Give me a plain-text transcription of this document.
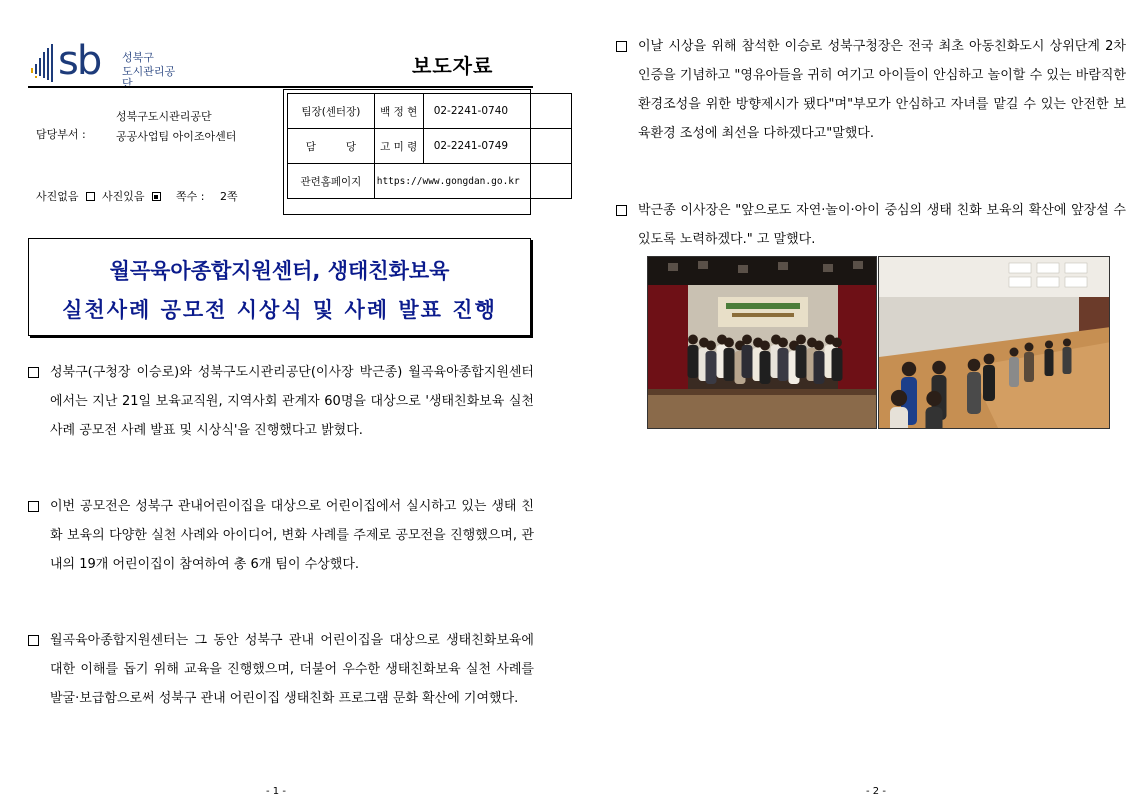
sb 성북구
도시관리공단
보도자료
담당부서 :
성북구도시관리공단
공공사업팀 아이조아센터
사진없음 사진있음	쪽수 : 2쪽
팀장(센터장)	백 정 현	02-2241-0740
담         당	고 미 령	02-2241-0749
관련홈페이지	https://www.gongdan.go.kr	
월곡육아종합지원센터, 생태친화보육
실천사례 공모전 시상식 및 사례 발표 진행
성북구(구청장 이승로)와 성북구도시관리공단(이사장 박근종) 월곡육아종합지원센터에서는 지난 21일 보육교직원, 지역사회 관계자 60명을 대상으로 '생태친화보육 실천사례 공모전 사례 발표 및 시상식'을 진행했다고 밝혔다.
이번 공모전은 성북구 관내어린이집을 대상으로 어린이집에서 실시하고 있는 생태 친화 보육의 다양한 실천 사례와 아이디어, 변화 사례를 주제로 공모전을 진행했으며, 관내의 19개 어린이집이 참여하여 총 6개 팀이 수상했다.
월곡육아종합지원센터는 그 동안 성북구 관내 어린이집을 대상으로 생태친화보육에 대한 이해를 돕기 위해 교육을 진행했으며, 더불어 우수한 생태친화보육 실천 사례를 발굴·보급함으로써 성북구 관내 어린이집 생태친화 프로그램 문화 확산에 기여했다.
- 1 -
이날 시상을 위해 참석한 이승로 성북구청장은 전국 최초 아동친화도시 상위단계 2차 인증을 기념하고 "영유아들을 귀히 여기고 아이들이 안심하고 놀이할 수 있는 바람직한 환경조성을 위한 방향제시가 됐다"며"부모가 안심하고 자녀를 맡길 수 있는 안전한 보육환경 조성에 최선을 다하겠다고"말했다.
박근종 이사장은 "앞으로도 자연·놀이·아이 중심의 생태 친화 보육의 확산에 앞장설 수 있도록 노력하겠다." 고 말했다.
- 2 -
